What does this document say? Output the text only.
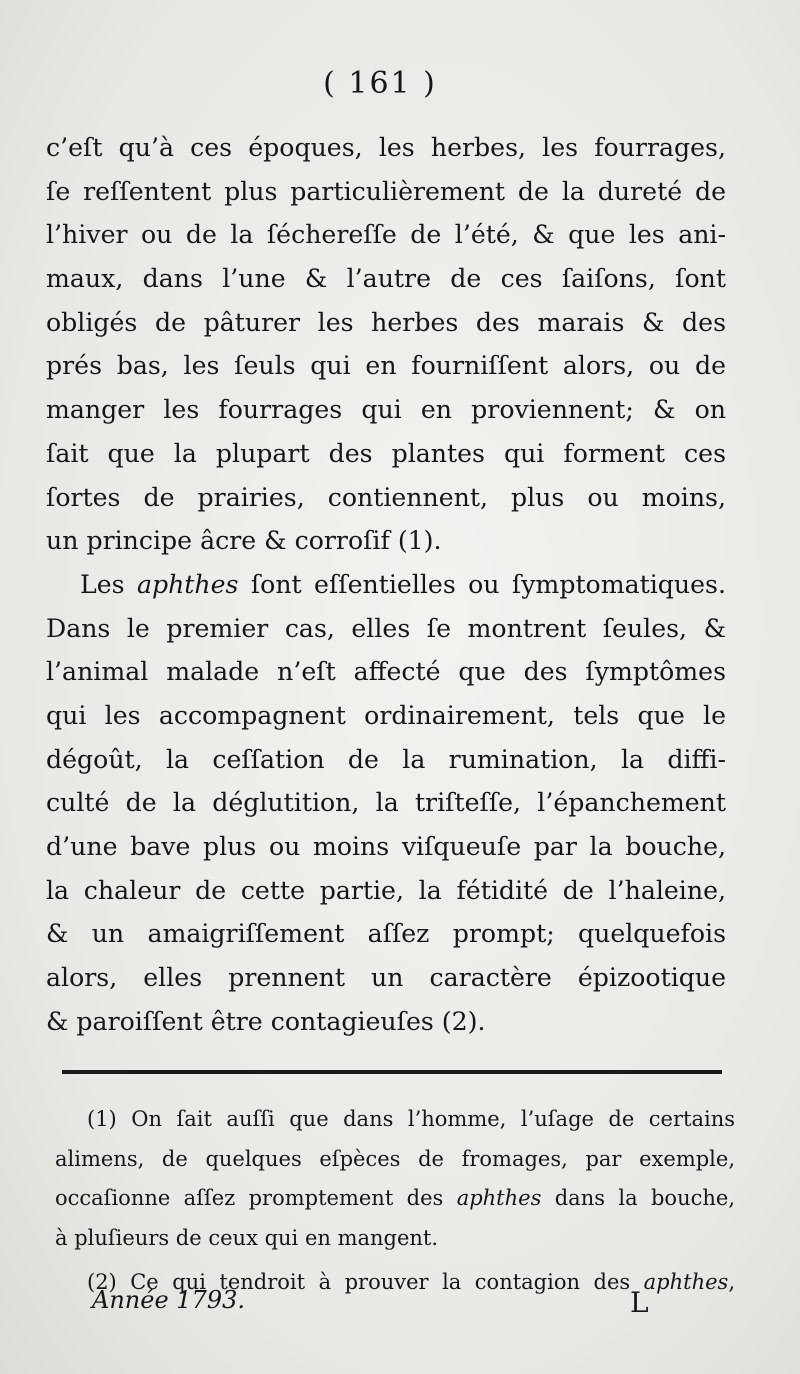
( 161 )
c’eſt qu’à ces époques, les herbes, les fourrages,
ſe reſſentent plus particulièrement de la dureté de
l’hiver ou de la ſéchereſſe de l’été, & que les ani-
maux, dans l’une & l’autre de ces ſaiſons, ſont
obligés de pâturer les herbes des marais & des
prés bas, les ſeuls qui en fourniſſent alors, ou de
manger les fourrages qui en proviennent; & on
ſait que la plupart des plantes qui forment ces
ſortes de prairies, contiennent, plus ou moins,
un principe âcre & corroſif (1).
Les aphthes ſont eſſentielles ou ſymptomatiques.
Dans le premier cas, elles ſe montrent ſeules, &
l’animal malade n’eſt affecté que des ſymptômes
qui les accompagnent ordinairement, tels que le
dégoût, la ceſſation de la rumination, la diffi-
culté de la déglutition, la triſteſſe, l’épanchement
d’une bave plus ou moins viſqueuſe par la bouche,
la chaleur de cette partie, la fétidité de l’haleine,
& un amaigriſſement aſſez prompt; quelquefois
alors, elles prennent un caractère épizootique
& paroiſſent être contagieuſes (2).
(1) On ſait auſſi que dans l’homme, l’uſage de certains
alimens, de quelques eſpèces de fromages, par exemple,
occaſionne aſſez promptement des aphthes dans la bouche,
à pluſieurs de ceux qui en mangent.
(2) Ce qui tendroit à prouver la contagion des aphthes,
Année 1793.	L
